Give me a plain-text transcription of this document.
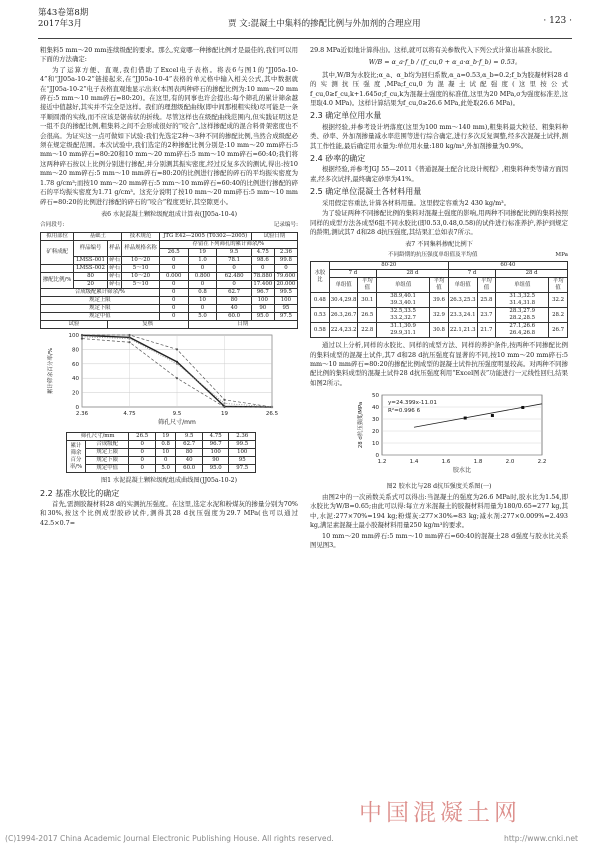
第43卷第8期
2017年3月	贾 文:混凝土中集料的掺配比例与外加剂的合理应用	· 123 ·

粗集料5 mm～20 mm连续级配的要求。那么,究竟哪一种掺配比例才是最佳的,我们可以用下面的方法确定:

为了运算方便、直观,我们借助了Excel电子表格。将表6与图1的“JJ05a-10-4”和“JJ05a-10-2”链接起来,在“JJ05a-10-4”表格的单元格中输入相关公式,其中数据就在“JJ05a-10-2”电子表格直观地显示出来(本图表两种碎石的掺配比例为:10 mm～20 mm碎石:5 mm～10 mm碎石=80:20)。在这里,有的同事也许会提出:每个筛孔的累计筛余越接近中值越好,其实并不完全是这样。我们的理想级配曲线(即中间那根粗实线)尽可能是一条平顺圆滑的实线,而不应该是锯齿状的折线。尽管这样也在级配曲线范围内,但实践证明这是一组不良的掺配比例,粗集料之间不会形成很好的“咬合”,这样掺配成的混合料骨架密度也不会很高。为证实这一点可做如下试验:我们先选定2种～3种不同的掺配比例,当然合成级配必须在规定级配范围。本次试验中,我们选定的2种掺配比例分别是:10 mm～20 mm碎石:5 mm～10 mm碎石=80:20和10 mm～20 mm碎石:5 mm～10 mm碎石=60:40;我们将这两种碎石按以上比例分别进行掺配,并分别测其振实密度,经过反复多次的测试,得出:按10 mm～20 mm碎石:5 mm～10 mm碎石=80:20的比例进行掺配的碎石的平均振实密度为1.78 g/cm³;而按10 mm～20 mm碎石:5 mm～10 mm碎石=60:40的比例进行掺配的碎石的平均振实密度为1.71 g/cm³。这充分说明了按10 mm～20 mm碎石:5 mm～10 mm碎石=80:20的比例进行掺配的碎石的“咬合”程度更好,其空隙更小。

表6 水泥混凝土颗粒级配组成计算表(JJ05a-10-4)
合同段号:	记录编号:
拟用部位	基础土		技术规范	JTG E42—2005 (T0302—2005)			试验日期	
矿料成配	样品编号	样品	样品规格名称	存留在下列筛孔的累计筛余/%				
				26.5	19	9.5	4.75	2.36
	LMSS-001	碎石	10～20	0	1.0	78.1	98.6	99.8
	LMSS-002	碎石	5～10	0	0	0	0	0
掺配比例/%	80	碎石	10～20	0.000	0.800	62.480	78.880	79.600
	20	碎石	5～10	0	0	0	17.400	20.000
合成级配累计筛余/%				0	0.8	62.7	96.7	99.5
规定上限				0	10	80	100	100
规定下限				0	0	40	90	95
规定中值				0	5.0	60.0	95.0	97.5
试验		复核			日期			
0
20
40
60
80
100
2.36	4.75	9.5	19	26.5
筛孔尺寸/mm
累计筛余百分率/%
筛孔尺寸/mm		26.5	19	9.5	4.75	2.36
累计筛余百分率/%	合成级配	0	0.8	62.7	96.7	99.5
	规定上限	0	10	80	100	100
	规定下限	0	0	40	90	95
	规定中值	0	5.0	60.0	95.0	97.5
图1 水泥混凝土颗粒级配组成曲线图(JJ05a-10-2)
2.2 基准水胶比的确定

首先,需测胶凝材料28 d的实测抗压强度。在这里,选定水泥和粉煤灰的掺量分别为70%和30%,按这个比例成型胶砂试件,测得其28 d抗压强度为29.7 MPa(也可以通过42.5×0.7=

29.8 MPa近似地计算得出)。这样,就可以将有关参数代入下列公式计算出基准水胶比。

W/B = α_a·f_b / (f_cu,0 + α_a·α_b·f_b) = 0.53。

其中,W/B为水胶比;α_a、α_b均为回归系数,α_a=0.53,α_b=0.2;f_b为胶凝材料28 d的实测抗压强度,MPa;f_cu,0为混凝土试配强度(这里按公式f_cu,0≥f_cu,k+1.645σ;f_cu,k为混凝土强度的标准值,这里为20 MPa,σ为强度标准差,这里取4.0 MPa)。这样计算结果为f_cu,0≥26.6 MPa,此处取26.6 MPa)。

2.3 确定单位用水量

根据经验,并参考设计坍落度(这里为100 mm～140 mm),粗集料最大粒径、粗集料种类、砂率、外加剂掺量减水率范围等进行综合确定,进行多次反复调整,经多次混凝土试拌,测其工作性能,最后确定用水量为:单位用水量:180 kg/m³,外加剂掺量为0.9%。

2.4 砂率的确定

根据经验,并参考JGJ 55—2011《普通混凝土配合比设计规程》,粗集料种类等诸方面因素,经多次试拌,最终确定砂率为41%。

2.5 确定单位混凝土各材料用量

采用假定容重法,计算各材料用量。这里假定容重为2 430 kg/m³。

为了验证两种不同掺配比例的集料对混凝土强度的影响,用两种不同掺配比例的集料按照同样的成型方法各成型6组不同水胶比(即0.53,0.48,0.58)的试件进行标准养护,养护到规定的龄期,测试其7 d和28 d抗压强度,其结果汇总如表7所示。

表7 不同集料掺配比例下
不同龄期的抗压强度单组值及平均值	MPa
水胶比	80∶20				60∶40			
	7 d		28 d		7 d		28 d	
	单组值	平均值	单组值	平均值	单组值	平均值	单组值	平均值
0.48	30.4,29.8	30.1	38.9,40.1 39.3,40.1	39.6	26.3,25.3	25.8	31.3,32.5 31.4,31.8	32.2
0.53	26.3,26.7	26.5	32.5,33.5 33.2,32.7	32.9	23.3,24.1	23.7	28.3,27.9 28.2,28.5	28.2
0.58	22.4,23.2	22.8	31.1,30.9 29.9,31.1	30.8	22.1,21.3	21.7	27.1,26.6 26.4,26.8	26.7

通过以上分析,同样的水胶比、同样的成型方法、同样的养护条件,按两种不同掺配比例的集料成型的混凝土试件,其7 d和28 d抗压强度有显著的不同,按10 mm～20 mm碎石:5 mm～10 mm碎石=80:20的掺配比例成型的混凝土试件抗压强度明显较高。对两种不同掺配比例的集料成型的混凝土试件28 d抗压强度利用“Excel图表”功能进行一元线性回归,结果如图2所示。

0
10
20
30
40
50
1.2	1.4	1.6	1.8	2.0	2.2
胶水比
28 d抗压强度/MPa	y=24.399x-11.01
R²=0.996 6
图2 胶水比与28 d抗压强度关系图(一)

由图2中的一次函数关系式可以得出:当混凝土的强度为26.6 MPa时,胶水比为1.54,即水胶比为W/B=0.65;由此可以得:每立方米混凝土的胶凝材料用量为180/0.65=277 kg,其中,水泥:277×70%=194 kg;粉煤灰:277×30%=83 kg;减水剂:277×0.009%=2.493 kg,满足素混凝土最小胶凝材料用量250 kg/m³的要求。

10 mm～20 mm碎石:5 mm～10 mm碎石=60:40的混凝土28 d强度与胶水比关系图见图3。

中国混凝土网
(C)1994-2017 China Academic Journal Electronic Publishing House. All rights reserved.	http://www.cnki.net
